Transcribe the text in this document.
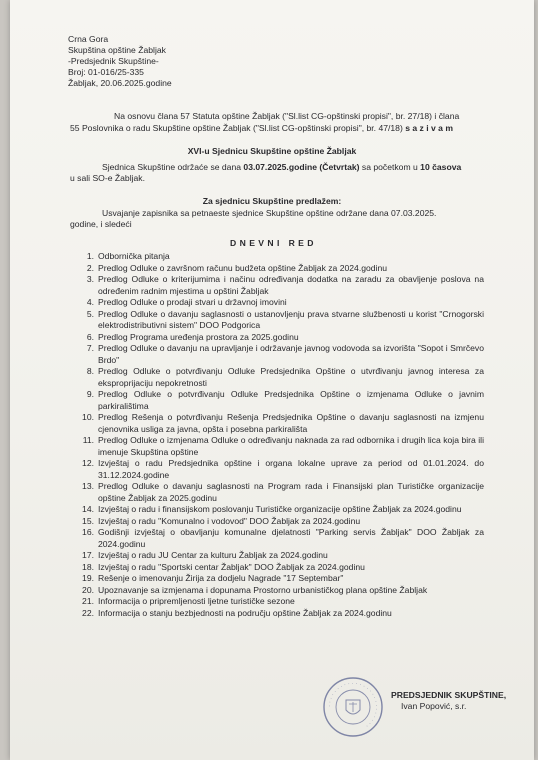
Crna Gora
Skupština opštine Žabljak
-Predsjednik Skupštine-
Broj: 01-016/25-335
Žabljak, 20.06.2025.godine
Na osnovu člana 57 Statuta opštine Žabljak ("Sl.list CG-opštinski propisi", br. 27/18) i člana
55 Poslovnika o radu Skupštine opštine Žabljak ("Sl.list CG-opštinski propisi", br. 47/18) s a z i v a m
XVI-u Sjednicu Skupštine opštine Žabljak
Sjednica Skupštine održaće se dana 03.07.2025.godine (Četvrtak) sa početkom u 10 časova
u sali SO-e Žabljak.
Za sjednicu Skupštine predlažem:
Usvajanje zapisnika sa petnaeste sjednice Skupštine opštine održane dana 07.03.2025.
godine, i sledeći
D N E V N I   R E D
1. Odbornička pitanja
2. Predlog Odluke o završnom računu budžeta opštine Žabljak za 2024.godinu
3. Predlog Odluke o kriterijumima i načinu određivanja dodatka na zaradu za obavljenje poslova na određenim radnim mjestima u opštini Žabljak
4. Predlog Odluke o prodaji stvari u državnoj imovini
5. Predlog Odluke o davanju saglasnosti o ustanovljenju prava stvarne službenosti u korist "Crnogorski elektrodistributivni sistem" DOO Podgorica
6. Predlog Programa uređenja prostora za 2025.godinu
7. Predlog Odluke o davanju na upravljanje i održavanje javnog vodovoda sa izvorišta "Sopot i Smrčevo Brdo"
8. Predlog Odluke o potvrđivanju Odluke Predsjednika Opštine o utvrđivanju javnog interesa za eksproprijaciju nepokretnosti
9. Predlog Odluke o potvrđivanju Odluke Predsjednika Opštine o izmjenama Odluke o javnim parkiralištima
10. Predlog Rešenja o potvrđivanju Rešenja Predsjednika Opštine o davanju saglasnosti na izmjenu cjenovnika usliga za javna, opšta i posebna parkirališta
11. Predlog Odluke o izmjenama Odluke o određivanju naknada za rad odbornika i drugih lica koja bira ili imenuje Skupština opštine
12. Izvještaj o radu Predsjednika opštine i organa lokalne uprave za period od 01.01.2024. do 31.12.2024.godine
13. Predlog Odluke o davanju saglasnosti na Program rada i Finansijski plan Turističke organizacije opštine Žabljak za 2025.godinu
14. Izvještaj o radu i finansijskom poslovanju Turističke organizacije opštine Žabljak za 2024.godinu
15. Izvještaj o radu "Komunalno i vodovod" DOO Žabljak za 2024.godinu
16. Godišnji izvještaj o obavljanju komunalne djelatnosti "Parking servis Žabljak" DOO Žabljak za 2024.godinu
17. Izvještaj o radu JU Centar za kulturu Žabljak za 2024.godinu
18. Izvještaj o radu "Sportski centar Žabljak" DOO Žabljak za 2024.godinu
19. Rešenje o imenovanju Žirija za dodjelu Nagrade "17 Septembar"
20. Upoznavanje sa izmjenama i dopunama Prostorno urbanističkog plana opštine Žabljak
21. Informacija o pripremljenosti ljetne turističke sezone
22. Informacija o stanju bezbjednosti na području opštine Žabljak za 2024.godinu
· · · · · · · · · · · · · · · · · · · · · · · · ·
PREDSJEDNIK SKUPŠTINE,
Ivan Popović, s.r.
